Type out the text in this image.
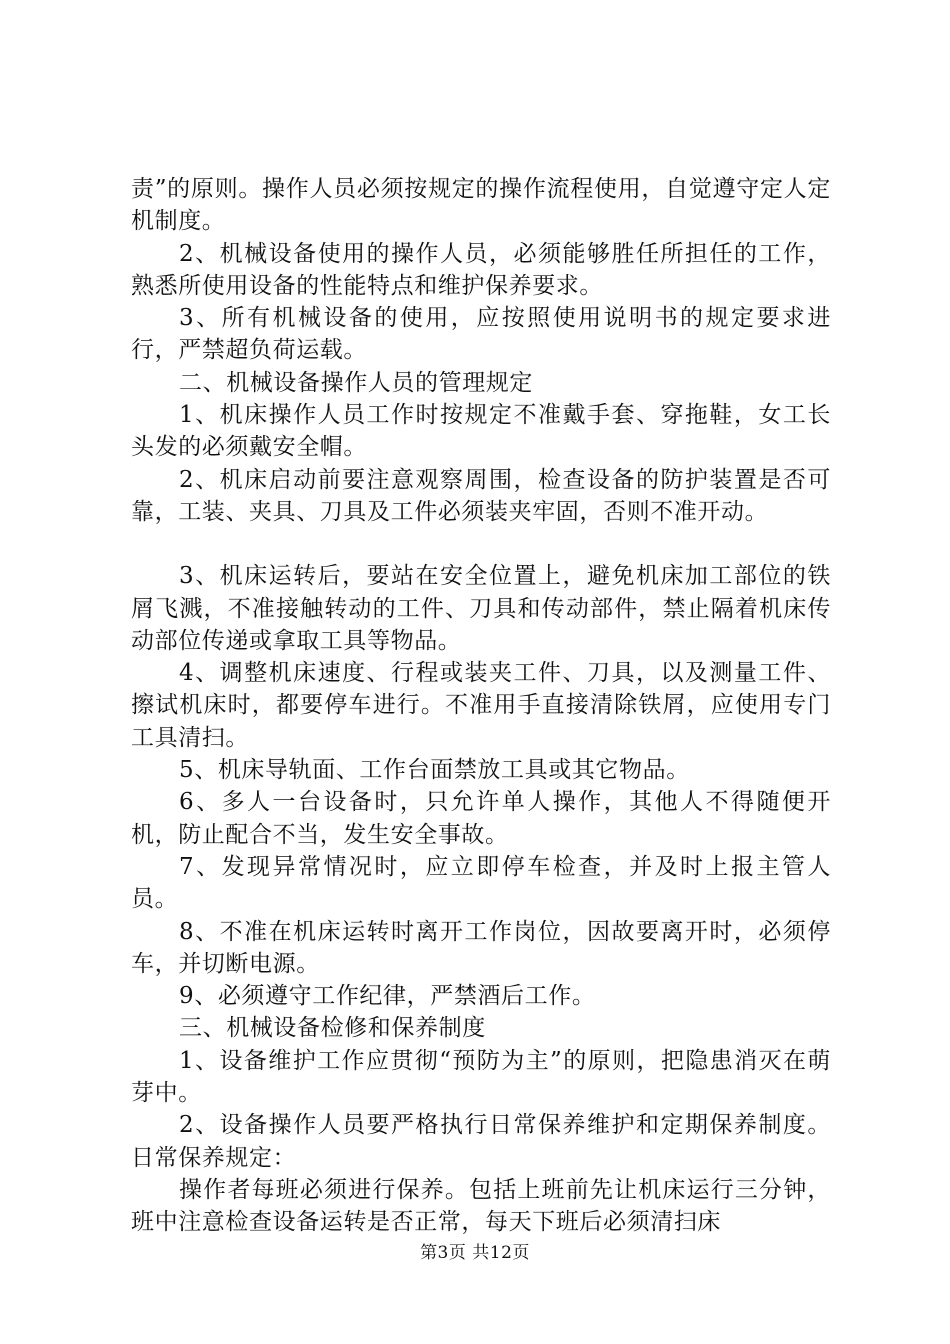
责”的原则。操作人员必须按规定的操作流程使用，自觉遵守定人定机制度。

2、机械设备使用的操作人员，必须能够胜任所担任的工作，熟悉所使用设备的性能特点和维护保养要求。

3、所有机械设备的使用，应按照使用说明书的规定要求进行，严禁超负荷运载。

二、机械设备操作人员的管理规定

1、机床操作人员工作时按规定不准戴手套、穿拖鞋，女工长头发的必须戴安全帽。

2、机床启动前要注意观察周围，检查设备的防护装置是否可靠，工装、夹具、刀具及工件必须装夹牢固，否则不准开动。

3、机床运转后，要站在安全位置上，避免机床加工部位的铁屑飞溅，不准接触转动的工件、刀具和传动部件，禁止隔着机床传动部位传递或拿取工具等物品。

4、调整机床速度、行程或装夹工件、刀具，以及测量工件、擦试机床时，都要停车进行。不准用手直接清除铁屑，应使用专门工具清扫。

5、机床导轨面、工作台面禁放工具或其它物品。

6、多人一台设备时，只允许单人操作，其他人不得随便开机，防止配合不当，发生安全事故。

7、发现异常情况时，应立即停车检查，并及时上报主管人员。

8、不准在机床运转时离开工作岗位，因故要离开时，必须停车，并切断电源。

9、必须遵守工作纪律，严禁酒后工作。

三、机械设备检修和保养制度

1、设备维护工作应贯彻“预防为主”的原则，把隐患消灭在萌芽中。

2、设备操作人员要严格执行日常保养维护和定期保养制度。日常保养规定：

操作者每班必须进行保养。包括上班前先让机床运行三分钟，班中注意检查设备运转是否正常，每天下班后必须清扫床

第3页 共12页
